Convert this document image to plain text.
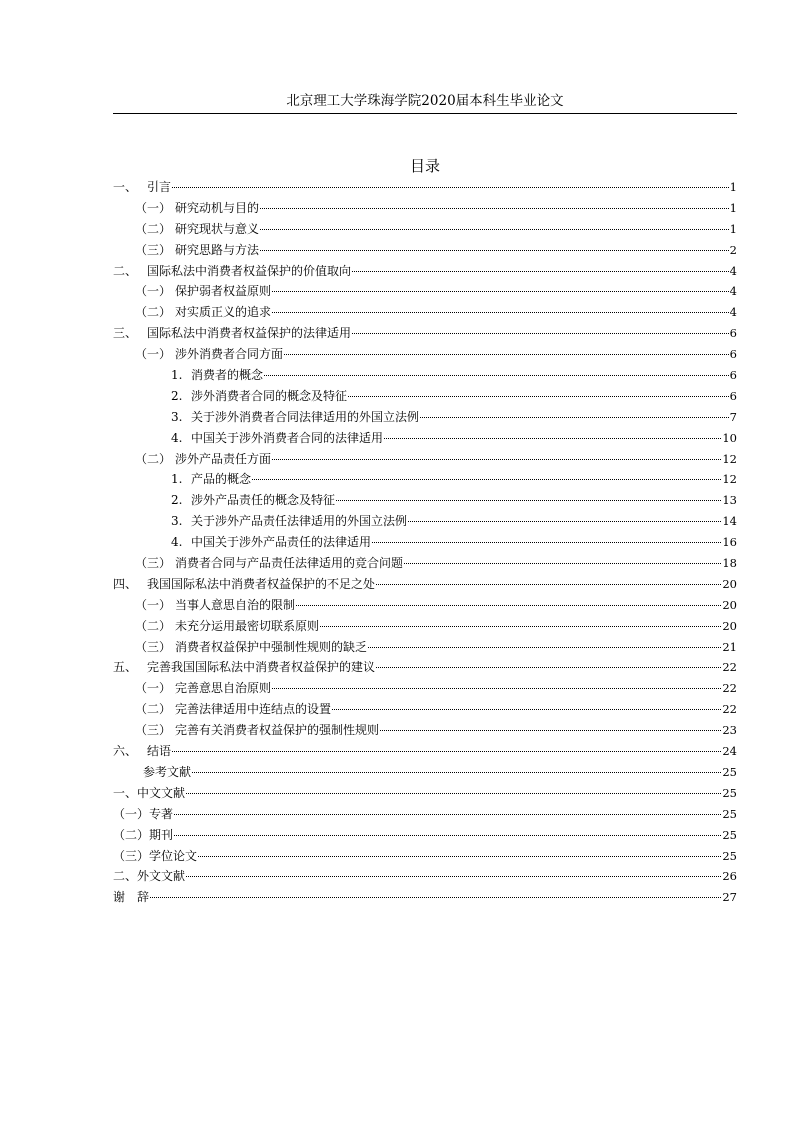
北京理工大学珠海学院2020届本科生毕业论文
目录
一、 引言	1
（一） 研究动机与目的	1
（二） 研究现状与意义	1
（三） 研究思路与方法	2
二、 国际私法中消费者权益保护的价值取向	4
（一） 保护弱者权益原则	4
（二） 对实质正义的追求	4
三、 国际私法中消费者权益保护的法律适用	6
（一） 涉外消费者合同方面	6
1. 消费者的概念	6
2. 涉外消费者合同的概念及特征	6
3. 关于涉外消费者合同法律适用的外国立法例	7
4. 中国关于涉外消费者合同的法律适用	10
（二） 涉外产品责任方面	12
1. 产品的概念	12
2. 涉外产品责任的概念及特征	13
3. 关于涉外产品责任法律适用的外国立法例	14
4. 中国关于涉外产品责任的法律适用	16
（三） 消费者合同与产品责任法律适用的竞合问题	18
四、 我国国际私法中消费者权益保护的不足之处	20
（一） 当事人意思自治的限制	20
（二） 未充分运用最密切联系原则	20
（三） 消费者权益保护中强制性规则的缺乏	21
五、 完善我国国际私法中消费者权益保护的建议	22
（一） 完善意思自治原则	22
（二） 完善法律适用中连结点的设置	22
（三） 完善有关消费者权益保护的强制性规则	23
六、 结语	24
参考文献	25
一、中文文献	25
（一）专著	25
（二）期刊	25
（三）学位论文	25
二、外文文献	26
谢　辞	27
